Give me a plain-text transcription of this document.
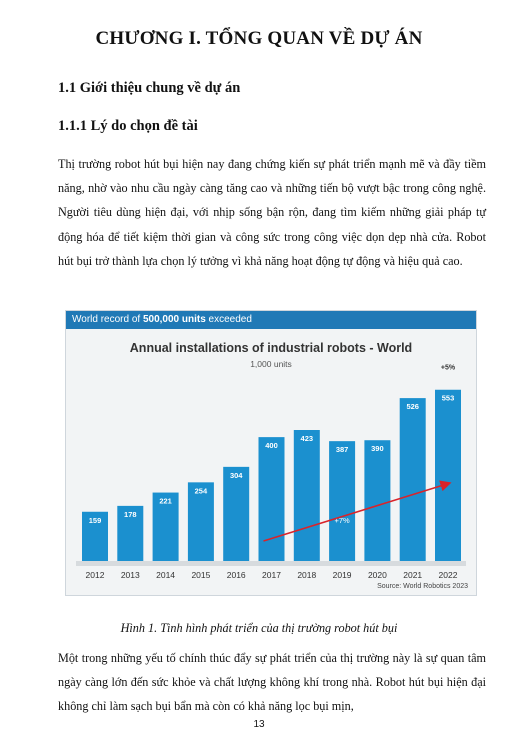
CHƯƠNG I. TỔNG QUAN VỀ DỰ ÁN
1.1 Giới thiệu chung về dự án
1.1.1 Lý do chọn đề tài
Thị trường robot hút bụi hiện nay đang chứng kiến sự phát triển mạnh mẽ và đầy tiềm năng, nhờ vào nhu cầu ngày càng tăng cao và những tiến bộ vượt bậc trong công nghệ. Người tiêu dùng hiện đại, với nhịp sống bận rộn, đang tìm kiếm những giải pháp tự động hóa để tiết kiệm thời gian và công sức trong công việc dọn dẹp nhà cửa. Robot hút bụi trở thành lựa chọn lý tưởng vì khả năng hoạt động tự động và hiệu quả cao.
World record of 500,000 units exceeded
Annual installations of industrial robots - World
1,000 units
159
2012
178
2013
221
2014
254
2015
304
2016
400
2017
423
2018
387
2019
390
2020
526
2021
553
2022
+5%
+7%
Source: World Robotics 2023
Hình 1. Tình hình phát triển của thị trường robot hút bụi
Một trong những yếu tố chính thúc đẩy sự phát triển của thị trường này là sự quan tâm ngày càng lớn đến sức khỏe và chất lượng không khí trong nhà. Robot hút bụi hiện đại không chỉ làm sạch bụi bẩn mà còn có khả năng lọc bụi mịn,
13
